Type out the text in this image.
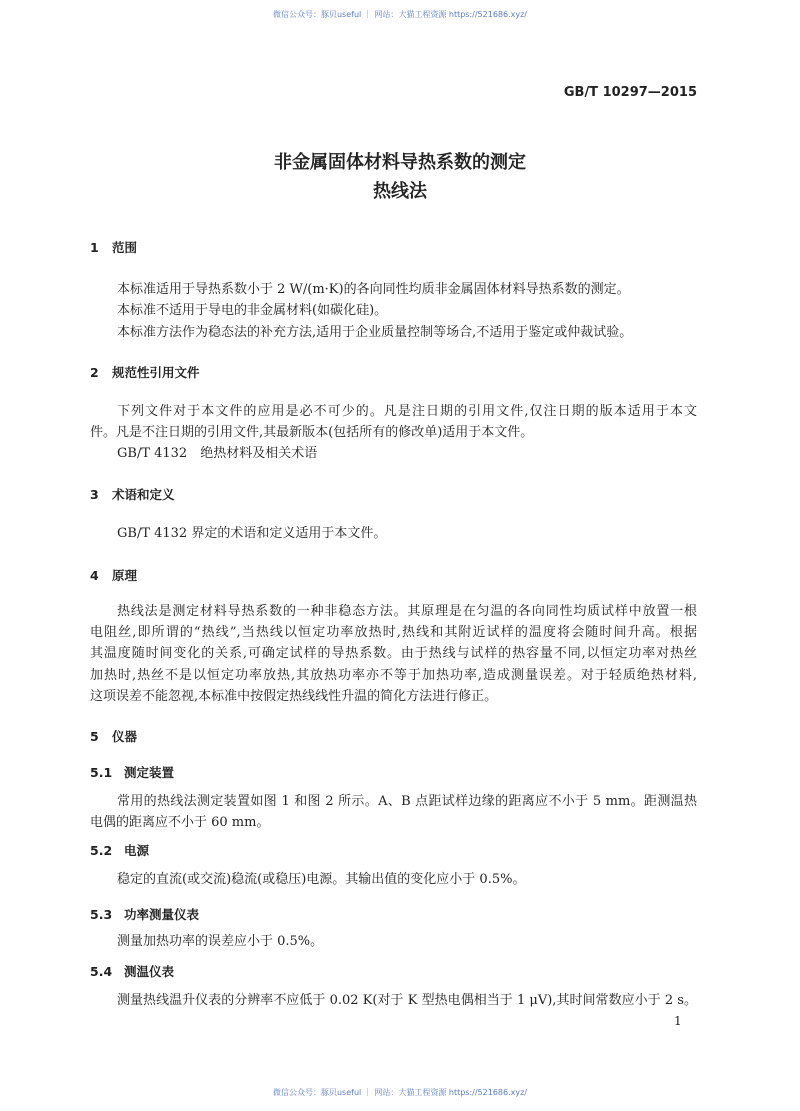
微信公众号：豚贝useful ｜ 网站：大猫工程资源 https://521686.xyz/
GB/T 10297—2015
非金属固体材料导热系数的测定
热线法
1 范围
本标准适用于导热系数小于 2 W/(m·K)的各向同性均质非金属固体材料导热系数的测定。
本标准不适用于导电的非金属材料(如碳化硅)。
本标准方法作为稳态法的补充方法,适用于企业质量控制等场合,不适用于鉴定或仲裁试验。
2 规范性引用文件
下列文件对于本文件的应用是必不可少的。凡是注日期的引用文件,仅注日期的版本适用于本文
件。凡是不注日期的引用文件,其最新版本(包括所有的修改单)适用于本文件。
GB/T 4132　绝热材料及相关术语
3 术语和定义
GB/T 4132 界定的术语和定义适用于本文件。
4 原理
热线法是测定材料导热系数的一种非稳态方法。其原理是在匀温的各向同性均质试样中放置一根
电阻丝,即所谓的“热线”,当热线以恒定功率放热时,热线和其附近试样的温度将会随时间升高。根据
其温度随时间变化的关系,可确定试样的导热系数。由于热线与试样的热容量不同,以恒定功率对热丝
加热时,热丝不是以恒定功率放热,其放热功率亦不等于加热功率,造成测量误差。对于轻质绝热材料,
这项误差不能忽视,本标准中按假定热线线性升温的简化方法进行修正。
5 仪器
5.1 测定装置
常用的热线法测定装置如图 1 和图 2 所示。A、B 点距试样边缘的距离应不小于 5 mm。距测温热
电偶的距离应不小于 60 mm。
5.2 电源
稳定的直流(或交流)稳流(或稳压)电源。其输出值的变化应小于 0.5%。
5.3 功率测量仪表
测量加热功率的误差应小于 0.5%。
5.4 测温仪表
测量热线温升仪表的分辨率不应低于 0.02 K(对于 K 型热电偶相当于 1 μV),其时间常数应小于 2 s。
1
微信公众号：豚贝useful ｜ 网站：大猫工程资源 https://521686.xyz/
